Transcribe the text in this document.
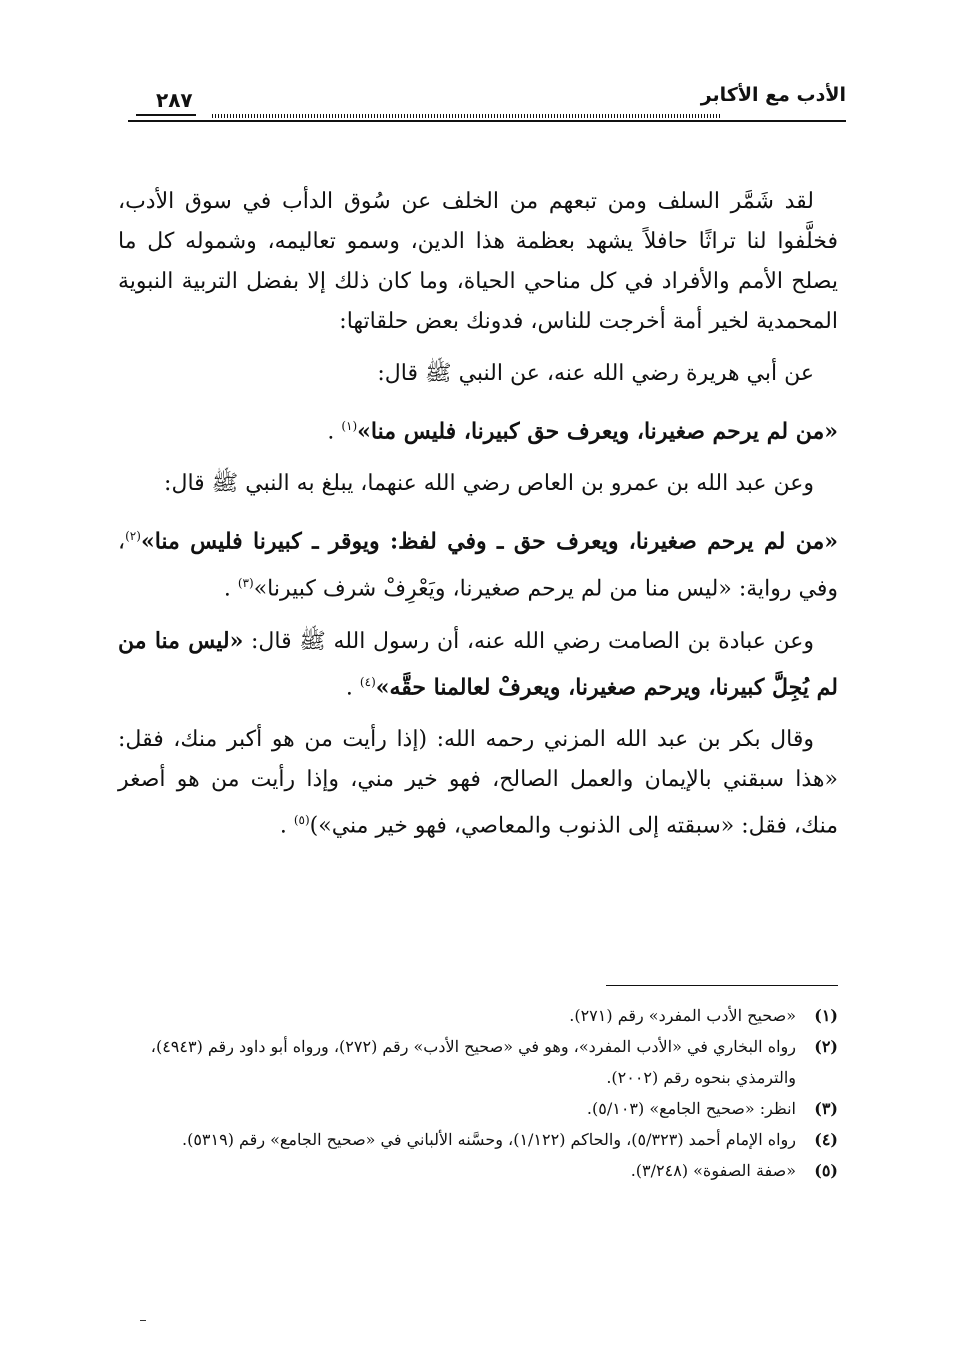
الأدب مع الأكابر
٢٨٧

لقد شَمَّر السلف ومن تبعهم من الخلف عن سُوق الدأب في سوق الأدب، فخلَّفوا لنا تراثًا حافلاً يشهد بعظمة هذا الدين، وسمو تعاليمه، وشموله كل ما يصلح الأمم والأفراد في كل مناحي الحياة، وما كان ذلك إلا بفضل التربية النبوية المحمدية لخير أمة أخرجت للناس، فدونك بعض حلقاتها:

عن أبي هريرة رضي الله عنه، عن النبي ﷺ قال:

«من لم يرحم صغيرنا، ويعرف حق كبيرنا، فليس منا»$^{(١)}$ .

وعن عبد الله بن عمرو بن العاص رضي الله عنهما، يبلغ به النبي ﷺ قال:

«من لم يرحم صغيرنا، ويعرف حق ـ وفي لفظ: ويوقر ـ كبيرنا فليس منا»$^{(٢)}$، وفي رواية: «ليس منا من لم يرحم صغيرنا، ويَعْرِفْ شرف كبيرنا»$^{(٣)}$ .

وعن عبادة بن الصامت رضي الله عنه، أن رسول الله ﷺ قال: «ليس منا من لم يُجِلَّ كبيرنا، ويرحم صغيرنا، ويعرفْ لعالمنا حقَّه»$^{(٤)}$ .

وقال بكر بن عبد الله المزني رحمه الله: (إذا رأيت من هو أكبر منك، فقل: «هذا سبقني بالإيمان والعمل الصالح، فهو خير مني، وإذا رأيت من هو أصغر منك، فقل: «سبقته إلى الذنوب والمعاصي، فهو خير مني»)$^{(٥)}$ .

(١)
«صحيح الأدب المفرد» رقم (٢٧١).
(٢)
رواه البخاري في «الأدب المفرد»، وهو في «صحيح الأدب» رقم (٢٧٢)، ورواه أبو داود رقم (٤٩٤٣)، والترمذي بنحوه رقم (٢٠٠٢).
(٣)
انظر: «صحيح الجامع» (٥/١٠٣).
(٤)
رواه الإمام أحمد (٥/٣٢٣)، والحاكم (١/١٢٢)، وحسَّنه الألباني في «صحيح الجامع» رقم (٥٣١٩).
(٥)
«صفة الصفوة» (٣/٢٤٨).
